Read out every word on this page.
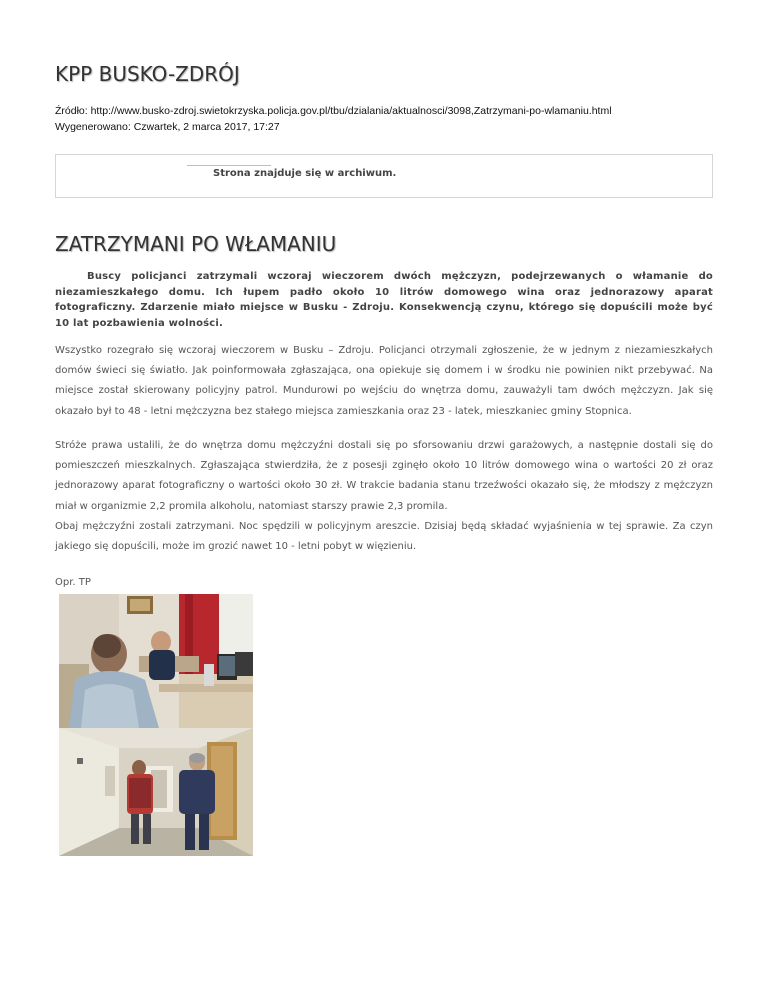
KPP BUSKO-ZDRÓJ
Źródło: http://www.busko-zdroj.swietokrzyska.policja.gov.pl/tbu/dzialania/aktualnosci/3098,Zatrzymani-po-wlamaniu.html
Wygenerowano: Czwartek, 2 marca 2017, 17:27
Strona znajduje się w archiwum.
ZATRZYMANI PO WŁAMANIU

Buscy policjanci zatrzymali wczoraj wieczorem dwóch mężczyzn, podejrzewanych o włamanie do niezamieszkałego domu. Ich łupem padło około 10 litrów domowego wina oraz jednorazowy aparat fotograficzny. Zdarzenie miało miejsce w Busku - Zdroju. Konsekwencją czynu, którego się dopuścili może być 10 lat pozbawienia wolności.

Wszystko rozegrało się wczoraj wieczorem w Busku – Zdroju. Policjanci otrzymali zgłoszenie, że w jednym z niezamieszkałych domów świeci się światło. Jak poinformowała zgłaszająca, ona opiekuje się domem i w środku nie powinien nikt przebywać. Na miejsce został skierowany policyjny patrol. Mundurowi po wejściu do wnętrza domu, zauważyli tam dwóch mężczyzn. Jak się okazało był to 48 - letni mężczyzna bez stałego miejsca zamieszkania oraz 23 - latek, mieszkaniec gminy Stopnica.

Stróże prawa ustalili, że do wnętrza domu mężczyźni dostali się po sforsowaniu drzwi garażowych, a następnie dostali się do pomieszczeń mieszkalnych. Zgłaszająca stwierdziła, że z posesji zginęło około 10 litrów domowego wina o wartości 20 zł oraz jednorazowy aparat fotograficzny o wartości około 30 zł. W trakcie badania stanu trzeźwości okazało się, że młodszy z mężczyzn miał w organizmie 2,2 promila alkoholu, natomiast starszy prawie 2,3 promila.

Obaj mężczyźni zostali zatrzymani. Noc spędzili w policyjnym areszcie. Dzisiaj będą składać wyjaśnienia w tej sprawie. Za czyn jakiego się dopuścili, może im grozić nawet 10 - letni pobyt w więzieniu.

Opr. TP
